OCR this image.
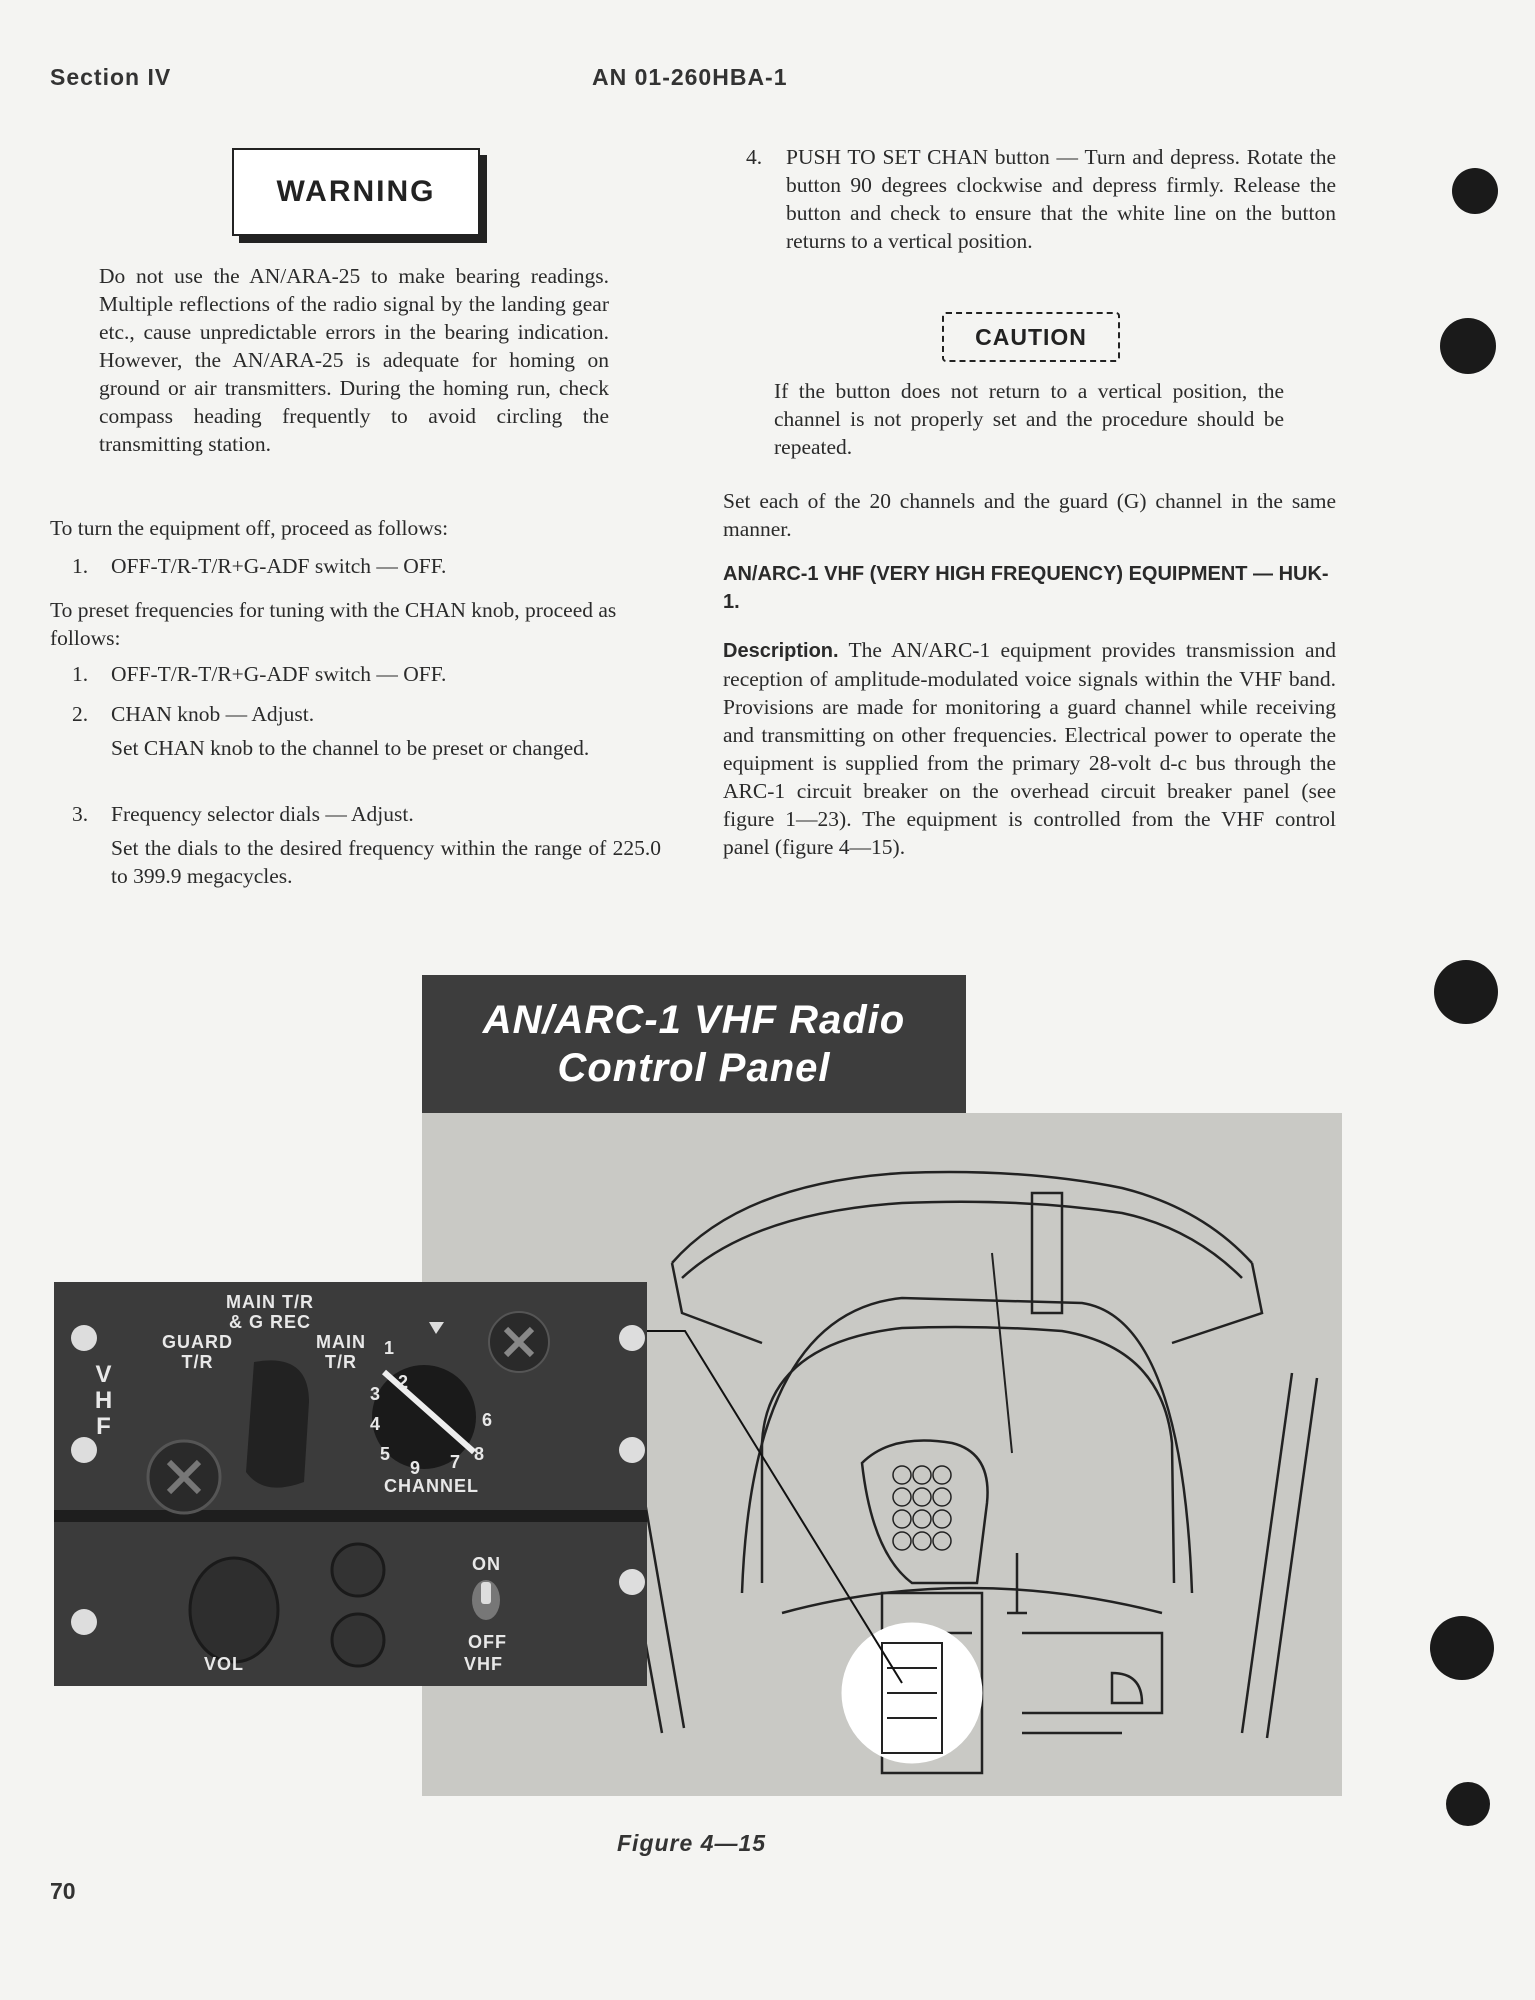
Section IV	AN 01-260HBA-1
WARNING
Do not use the AN/ARA-25 to make bearing readings. Multiple reflections of the radio signal by the landing gear etc., cause unpredictable errors in the bearing indication. However, the AN/ARA-25 is adequate for homing on ground or air transmitters. During the homing run, check compass heading frequently to avoid circling the transmitting station.
To turn the equipment off, proceed as follows:
1. OFF-T/R-T/R+G-ADF switch — OFF.
To preset frequencies for tuning with the CHAN knob, proceed as follows:
1. OFF-T/R-T/R+G-ADF switch — OFF.
2. CHAN knob — Adjust.
Set CHAN knob to the channel to be preset or changed.
3. Frequency selector dials — Adjust.
Set the dials to the desired frequency within the range of 225.0 to 399.9 megacycles.
4. PUSH TO SET CHAN button — Turn and depress. Rotate the button 90 degrees clockwise and depress firmly. Release the button and check to ensure that the white line on the button returns to a vertical position.
CAUTION
If the button does not return to a vertical position, the channel is not properly set and the procedure should be repeated.
Set each of the 20 channels and the guard (G) channel in the same manner.
AN/ARC-1 VHF (VERY HIGH FREQUENCY) EQUIPMENT — HUK-1.
Description. The AN/ARC-1 equipment provides transmission and reception of amplitude-modulated voice signals within the VHF band. Provisions are made for monitoring a guard channel while receiving and transmitting on other frequencies. Electrical power to operate the equipment is supplied from the primary 28-volt d-c bus through the ARC-1 circuit breaker on the overhead circuit breaker panel (see figure 1—23). The equipment is controlled from the VHF control panel (figure 4—15).
AN/ARC-1 VHF Radio
Control Panel
MAIN T/R
& G REC
GUARD
T/R
MAIN
T/R
VHF
1
2
3
4
5
6
7 8
9
CHANNEL
ON
OFF
VHF
VOL
Figure 4—15
70
